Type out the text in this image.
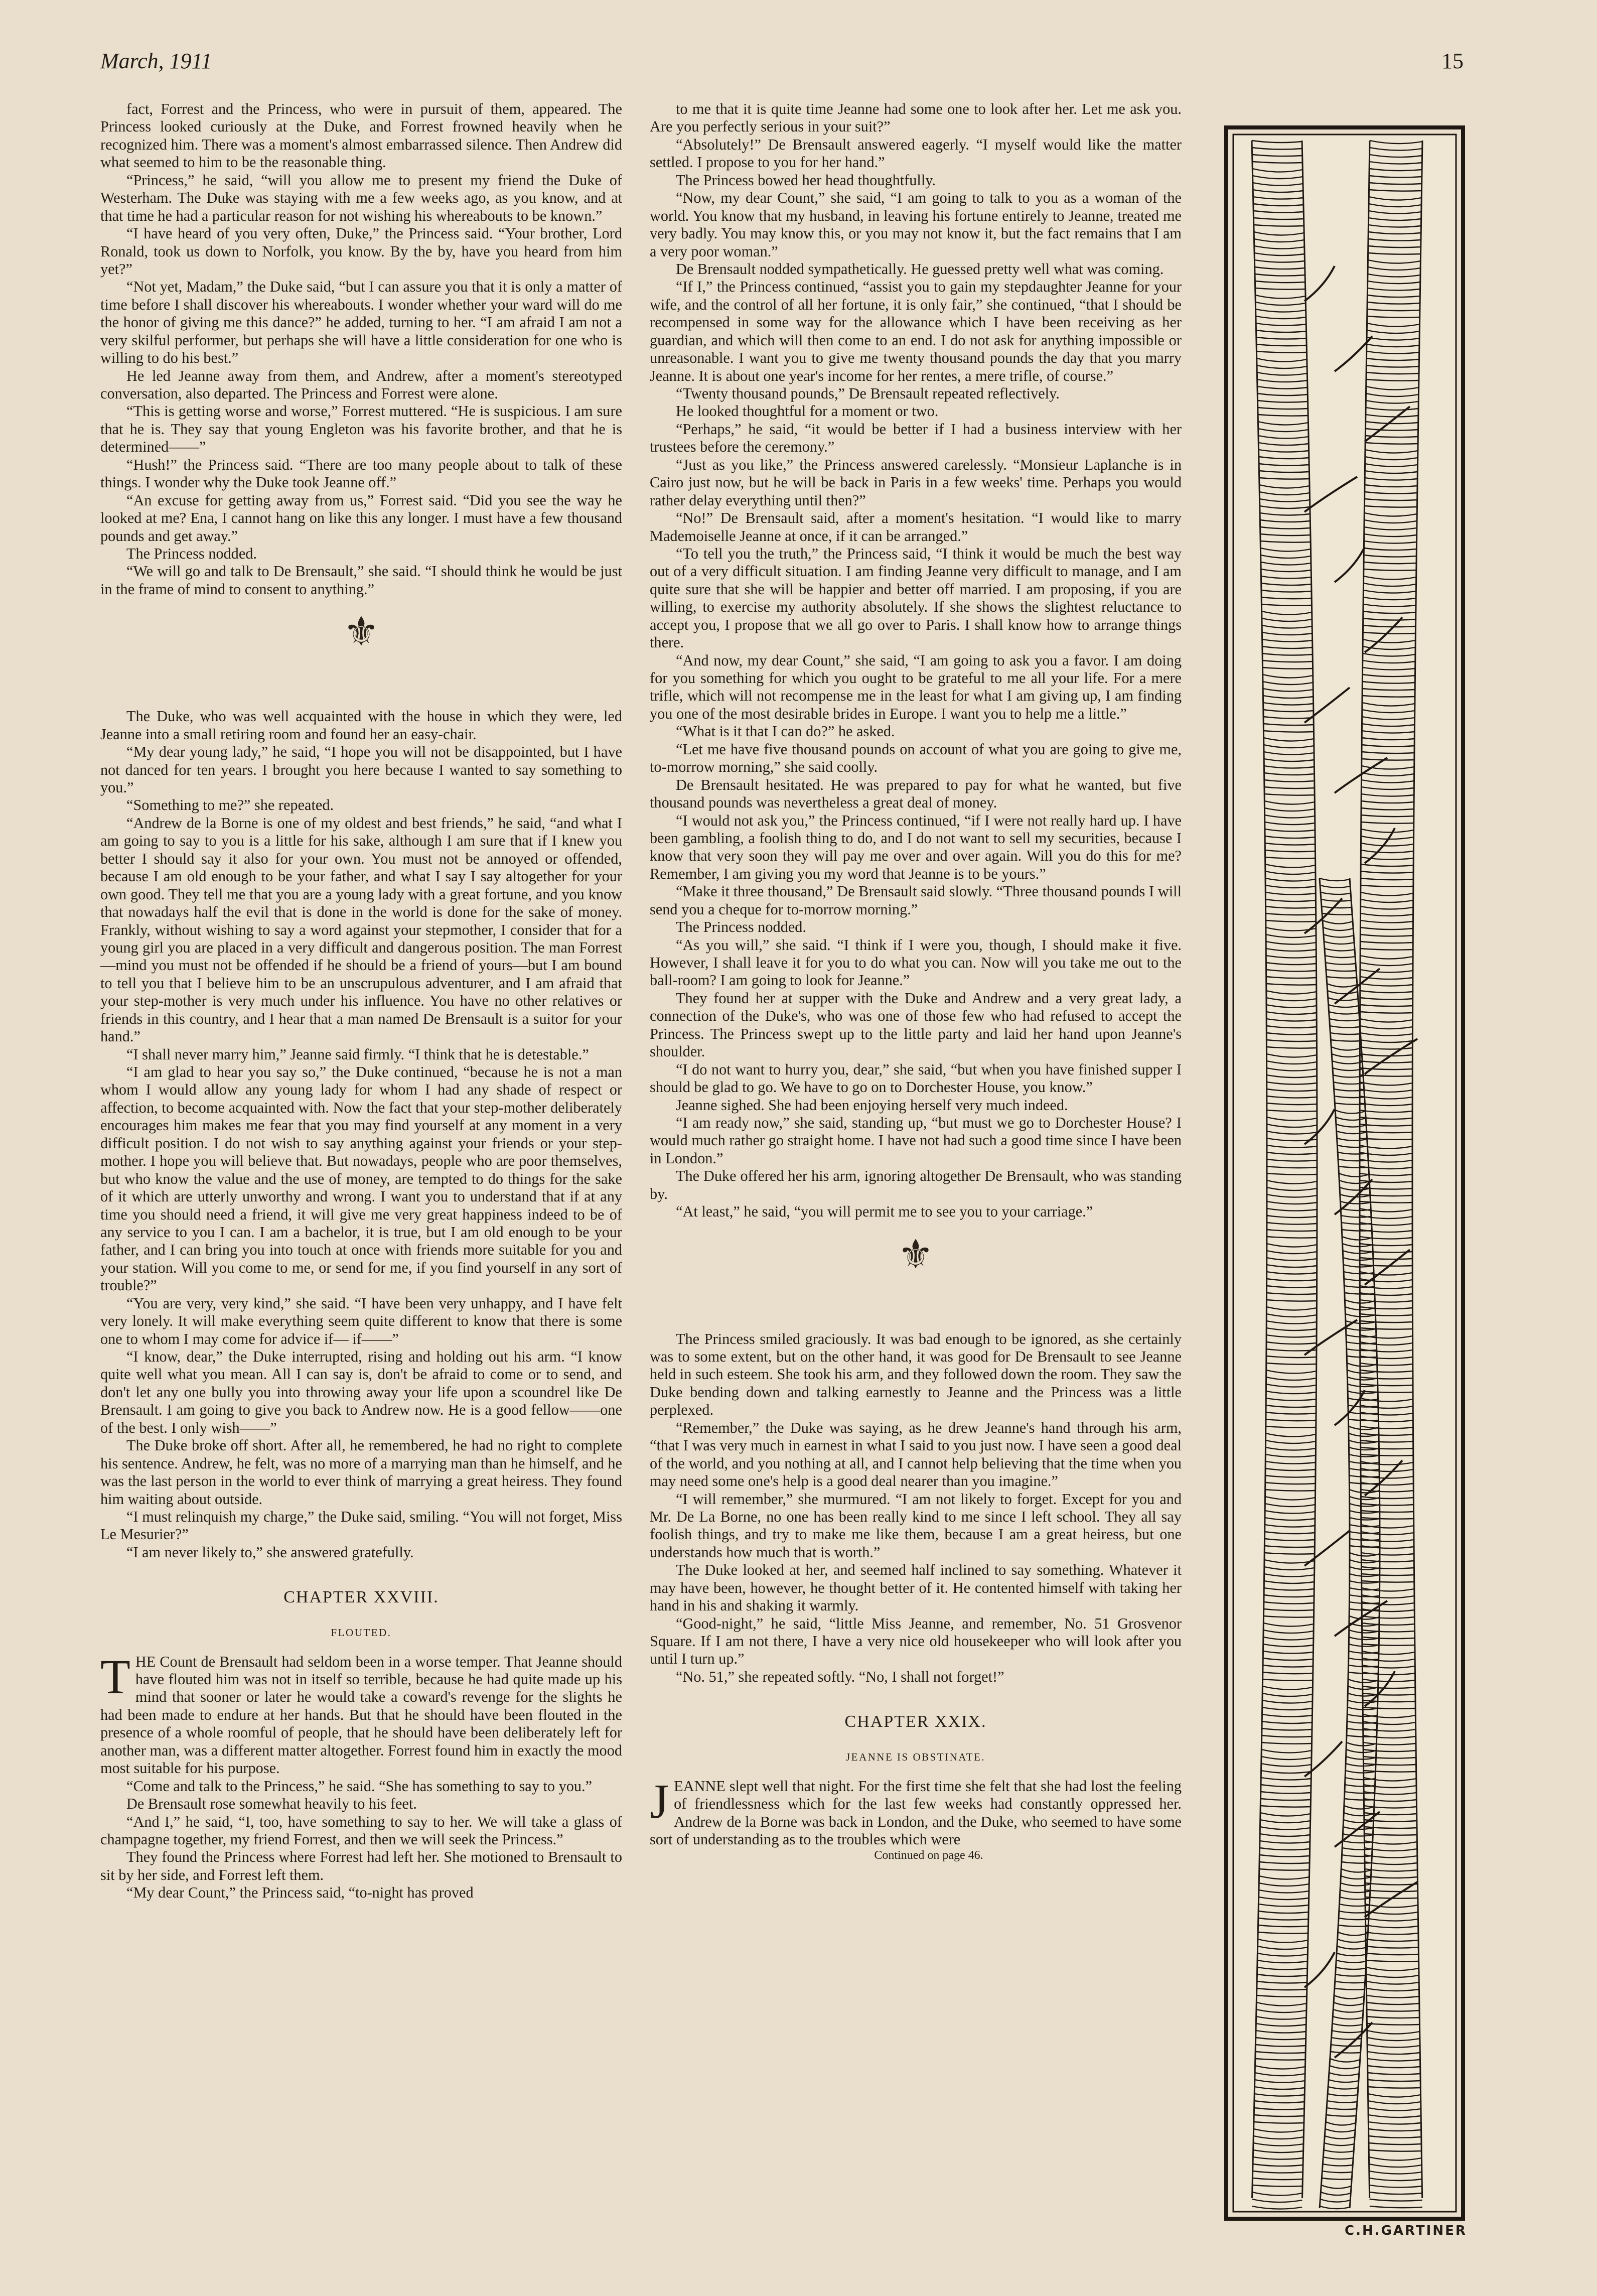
March, 1911	15

fact, Forrest and the Princess, who were in pursuit of them, appeared. The Princess looked curiously at the Duke, and Forrest frowned heavily when he recognized him. There was a moment's almost embarrassed silence. Then Andrew did what seemed to him to be the reasonable thing.

“Princess,” he said, “will you allow me to present my friend the Duke of Westerham. The Duke was staying with me a few weeks ago, as you know, and at that time he had a particular reason for not wishing his whereabouts to be known.”

“I have heard of you very often, Duke,” the Princess said. “Your brother, Lord Ronald, took us down to Norfolk, you know. By the by, have you heard from him yet?”

“Not yet, Madam,” the Duke said, “but I can assure you that it is only a matter of time before I shall discover his whereabouts. I wonder whether your ward will do me the honor of giving me this dance?” he added, turning to her. “I am afraid I am not a very skilful performer, but perhaps she will have a little consideration for one who is willing to do his best.”

He led Jeanne away from them, and Andrew, after a moment's stereotyped conversation, also departed. The Princess and Forrest were alone.

“This is getting worse and worse,” Forrest muttered. “He is suspicious. I am sure that he is. They say that young Engleton was his favorite brother, and that he is determined——”

“Hush!” the Princess said. “There are too many people about to talk of these things. I wonder why the Duke took Jeanne off.”

“An excuse for getting away from us,” Forrest said. “Did you see the way he looked at me? Ena, I cannot hang on like this any longer. I must have a few thousand pounds and get away.”

The Princess nodded.

“We will go and talk to De Brensault,” she said. “I should think he would be just in the frame of mind to consent to anything.”

⚜

The Duke, who was well acquainted with the house in which they were, led Jeanne into a small retiring room and found her an easy-chair.

“My dear young lady,” he said, “I hope you will not be disappointed, but I have not danced for ten years. I brought you here because I wanted to say something to you.”

“Something to me?” she repeated.

“Andrew de la Borne is one of my oldest and best friends,” he said, “and what I am going to say to you is a little for his sake, although I am sure that if I knew you better I should say it also for your own. You must not be annoyed or offended, because I am old enough to be your father, and what I say I say altogether for your own good. They tell me that you are a young lady with a great fortune, and you know that nowadays half the evil that is done in the world is done for the sake of money. Frankly, without wishing to say a word against your stepmother, I consider that for a young girl you are placed in a very difficult and dangerous position. The man Forrest—mind you must not be offended if he should be a friend of yours—but I am bound to tell you that I believe him to be an unscrupulous adventurer, and I am afraid that your step-mother is very much under his influence. You have no other relatives or friends in this country, and I hear that a man named De Brensault is a suitor for your hand.”

“I shall never marry him,” Jeanne said firmly. “I think that he is detestable.”

“I am glad to hear you say so,” the Duke continued, “because he is not a man whom I would allow any young lady for whom I had any shade of respect or affection, to become acquainted with. Now the fact that your step-mother deliberately encourages him makes me fear that you may find yourself at any moment in a very difficult position. I do not wish to say anything against your friends or your step-mother. I hope you will believe that. But nowadays, people who are poor themselves, but who know the value and the use of money, are tempted to do things for the sake of it which are utterly unworthy and wrong. I want you to understand that if at any time you should need a friend, it will give me very great happiness indeed to be of any service to you I can. I am a bachelor, it is true, but I am old enough to be your father, and I can bring you into touch at once with friends more suitable for you and your station. Will you come to me, or send for me, if you find yourself in any sort of trouble?”

“You are very, very kind,” she said. “I have been very unhappy, and I have felt very lonely. It will make everything seem quite different to know that there is some one to whom I may come for advice if— if——”

“I know, dear,” the Duke interrupted, rising and holding out his arm. “I know quite well what you mean. All I can say is, don't be afraid to come or to send, and don't let any one bully you into throwing away your life upon a scoundrel like De Brensault. I am going to give you back to Andrew now. He is a good fellow——one of the best. I only wish——”

The Duke broke off short. After all, he remembered, he had no right to complete his sentence. Andrew, he felt, was no more of a marrying man than he himself, and he was the last person in the world to ever think of marrying a great heiress. They found him waiting about outside.

“I must relinquish my charge,” the Duke said, smiling. “You will not forget, Miss Le Mesurier?”

“I am never likely to,” she answered gratefully.

CHAPTER XXVIII.
FLOUTED.

THE Count de Brensault had seldom been in a worse temper. That Jeanne should have flouted him was not in itself so terrible, because he had quite made up his mind that sooner or later he would take a coward's revenge for the slights he had been made to endure at her hands. But that he should have been flouted in the presence of a whole roomful of people, that he should have been deliberately left for another man, was a different matter altogether. Forrest found him in exactly the mood most suitable for his purpose.

“Come and talk to the Princess,” he said. “She has something to say to you.”

De Brensault rose somewhat heavily to his feet.

“And I,” he said, “I, too, have something to say to her. We will take a glass of champagne together, my friend Forrest, and then we will seek the Princess.”

They found the Princess where Forrest had left her. She motioned to Brensault to sit by her side, and Forrest left them.

“My dear Count,” the Princess said, “to-night has proved

to me that it is quite time Jeanne had some one to look after her. Let me ask you. Are you perfectly serious in your suit?”

“Absolutely!” De Brensault answered eagerly. “I myself would like the matter settled. I propose to you for her hand.”

The Princess bowed her head thoughtfully.

“Now, my dear Count,” she said, “I am going to talk to you as a woman of the world. You know that my husband, in leaving his fortune entirely to Jeanne, treated me very badly. You may know this, or you may not know it, but the fact remains that I am a very poor woman.”

De Brensault nodded sympathetically. He guessed pretty well what was coming.

“If I,” the Princess continued, “assist you to gain my stepdaughter Jeanne for your wife, and the control of all her fortune, it is only fair,” she continued, “that I should be recompensed in some way for the allowance which I have been receiving as her guardian, and which will then come to an end. I do not ask for anything impossible or unreasonable. I want you to give me twenty thousand pounds the day that you marry Jeanne. It is about one year's income for her rentes, a mere trifle, of course.”

“Twenty thousand pounds,” De Brensault repeated reflectively.

He looked thoughtful for a moment or two.

“Perhaps,” he said, “it would be better if I had a business interview with her trustees before the ceremony.”

“Just as you like,” the Princess answered carelessly. “Monsieur Laplanche is in Cairo just now, but he will be back in Paris in a few weeks' time. Perhaps you would rather delay everything until then?”

“No!” De Brensault said, after a moment's hesitation. “I would like to marry Mademoiselle Jeanne at once, if it can be arranged.”

“To tell you the truth,” the Princess said, “I think it would be much the best way out of a very difficult situation. I am finding Jeanne very difficult to manage, and I am quite sure that she will be happier and better off married. I am proposing, if you are willing, to exercise my authority absolutely. If she shows the slightest reluctance to accept you, I propose that we all go over to Paris. I shall know how to arrange things there.

“And now, my dear Count,” she said, “I am going to ask you a favor. I am doing for you something for which you ought to be grateful to me all your life. For a mere trifle, which will not recompense me in the least for what I am giving up, I am finding you one of the most desirable brides in Europe. I want you to help me a little.”

“What is it that I can do?” he asked.

“Let me have five thousand pounds on account of what you are going to give me, to-morrow morning,” she said coolly.

De Brensault hesitated. He was prepared to pay for what he wanted, but five thousand pounds was nevertheless a great deal of money.

“I would not ask you,” the Princess continued, “if I were not really hard up. I have been gambling, a foolish thing to do, and I do not want to sell my securities, because I know that very soon they will pay me over and over again. Will you do this for me? Remember, I am giving you my word that Jeanne is to be yours.”

“Make it three thousand,” De Brensault said slowly. “Three thousand pounds I will send you a cheque for to-morrow morning.”

The Princess nodded.

“As you will,” she said. “I think if I were you, though, I should make it five. However, I shall leave it for you to do what you can. Now will you take me out to the ball-room? I am going to look for Jeanne.”

They found her at supper with the Duke and Andrew and a very great lady, a connection of the Duke's, who was one of those few who had refused to accept the Princess. The Princess swept up to the little party and laid her hand upon Jeanne's shoulder.

“I do not want to hurry you, dear,” she said, “but when you have finished supper I should be glad to go. We have to go on to Dorchester House, you know.”

Jeanne sighed. She had been enjoying herself very much indeed.

“I am ready now,” she said, standing up, “but must we go to Dorchester House? I would much rather go straight home. I have not had such a good time since I have been in London.”

The Duke offered her his arm, ignoring altogether De Brensault, who was standing by.

“At least,” he said, “you will permit me to see you to your carriage.”

⚜

The Princess smiled graciously. It was bad enough to be ignored, as she certainly was to some extent, but on the other hand, it was good for De Brensault to see Jeanne held in such esteem. She took his arm, and they followed down the room. They saw the Duke bending down and talking earnestly to Jeanne and the Princess was a little perplexed.

“Remember,” the Duke was saying, as he drew Jeanne's hand through his arm, “that I was very much in earnest in what I said to you just now. I have seen a good deal of the world, and you nothing at all, and I cannot help believing that the time when you may need some one's help is a good deal nearer than you imagine.”

“I will remember,” she murmured. “I am not likely to forget. Except for you and Mr. De La Borne, no one has been really kind to me since I left school. They all say foolish things, and try to make me like them, because I am a great heiress, but one understands how much that is worth.”

The Duke looked at her, and seemed half inclined to say something. Whatever it may have been, however, he thought better of it. He contented himself with taking her hand in his and shaking it warmly.

“Good-night,” he said, “little Miss Jeanne, and remember, No. 51 Grosvenor Square. If I am not there, I have a very nice old housekeeper who will look after you until I turn up.”

“No. 51,” she repeated softly. “No, I shall not forget!”

CHAPTER XXIX.
JEANNE IS OBSTINATE.

JEANNE slept well that night. For the first time she felt that she had lost the feeling of friendlessness which for the last few weeks had constantly oppressed her. Andrew de la Borne was back in London, and the Duke, who seemed to have some sort of understanding as to the troubles which were

Continued on page 46.

C.H.GARTINER
